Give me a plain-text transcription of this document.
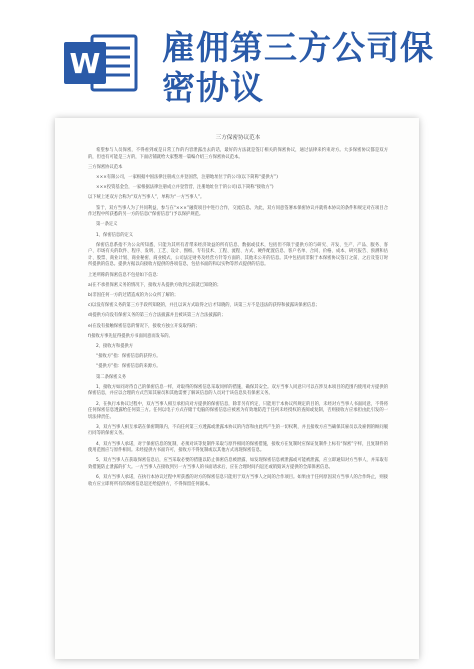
W 雇佣第三方公司保
密协议
三方保密协议范本

希望参与人员保密，不得看到或是日常工作的内容泄露出去的话，最好的方法就是签订相关的保密协议，通过法律来约束对方。大多保密协议都是双方的，但也有可能是三方的，下面店铺就给大家整理一篇编介绍三方保密协议范本。

三方保密协议范本

×××有限公司，一家根据中国法律注册成立并登国营，注册地址位于的公司(以下简称“提供方”)

×××投资基金会，一家根据法律注册成立并登营营，注册地址位于的公司(以下简称“接收方”)

以下统上述双方合称为“双方当事人”，单称为“一方当事人”。

鉴于，双方当事人为了共同利益，参与在“×××”融资项目中进行合作，交流信息。为此，双方同意签署本保密协议并就将本协议的条件和规定对在项目合作过程中所获悉的另一方的信息(“保密信息”)予以保护规范。

第一条定义

1、保密信息的定义

保密信息系指不为公众所知悉、只能为其所有者带来经济效益的所有信息、数据或技术，包括但不限于提供方的与研究、开发、生产、产品、服务、客户、市场有关的软件、程序、发明、工艺、设计、图纸、专有技术、工程、流程、方式、硬件配置信息、客户名单、合同、价格、成本、研究报告、预测和估计、股票、商业计划、商业秘密、商业模式、公司法定财务及经营方针等方面的、其他未公开的信息。其中包括而非限于本保密协议签订之前、之后及签订时所提供的信息。提供方据以向接收方提供的各项信息，包括书面的和以实物等形式提供的信息。

上述所称的保密信息不包括如下信息：

a)在不承担保密义务的情况下，接收方从提供方收到之前就已知晓的；

b)非因任何一方的过错造成的为公众所了解的；

c)以没有保密义务的第三方手段所知晓的，并且以该方式取得之后才知晓的，该第三方不是违法的获得和披露该保密信息；

d)提供方向没有保密义务的第三方合法披露并且被该第三方合法披露的；

e)在没有接触保密信息的情况下，接收方独立开发取得的；

f)接收方事先征得提供方书面同意而发布的。

2、接收方和提供方

“接收方”指：保密信息的获得方。

“提供方”指：保密信息的来源方。

第二条保密义务

1、接收方如同对待自己的保密信息一样，对取得的保密信息采取同样的措施，确保其安全。双方当事人同意只可以在涉及本项目的范围内使用对方提供的保密信息，并应以合理的方式告知其雇员和其他需要了解该信息的人员对于该信息负有保密义务。

2、在执行本协议过程中，双方当事人相互承担向对方提供的保密信息，除非另有约定，只能用于本协议所规定的目的，未经对方当事人书面同意，不得将任何保密信息透露给任何第三方。任何以电子方式存储于电脑的保密信息应被密为有效地防范于任何未经授权的查阅或复制，否则接收方应承担由此引发的一切法律责任。

3、双方当事人相互承诺在保密期限内，不向任何第三方透露或泄露本协议的内容和由此所产生的一切权利，并且接收方应当确保其雇员以及雇佣的顾问履行同等的保密义务。

4、双方当事人承诺，对于保密信息的复制，必须对该等复制件采取与原件相同的保密措施，接收方在复制时应保证复制件上标有“保密”字样，且复制件的使用范围应与原件相同。未经提供方书面许可，接收方不得复制或以其他方式再现保密信息。

5、双方当事人在获取保密信息后，应当采取必要的措施以防止保密信息被泄露，如发现保密信息被泄露或可能被泄露，应立即通知对方当事人，并采取有效措施防止泄露的扩大。一方当事人在接收到另一方当事人的书面请求后，应在合理时间内返还或销毁该方提供的全部保密信息。

6、双方当事人承诺，在执行本协议过程中所获悉的对方的保密信息只能用于双方当事人之间的合作项目。如果由于任何原因双方当事人的合作终止，则接收方应立即将所有的保密信息返还给提供方，不得保留任何副本。
